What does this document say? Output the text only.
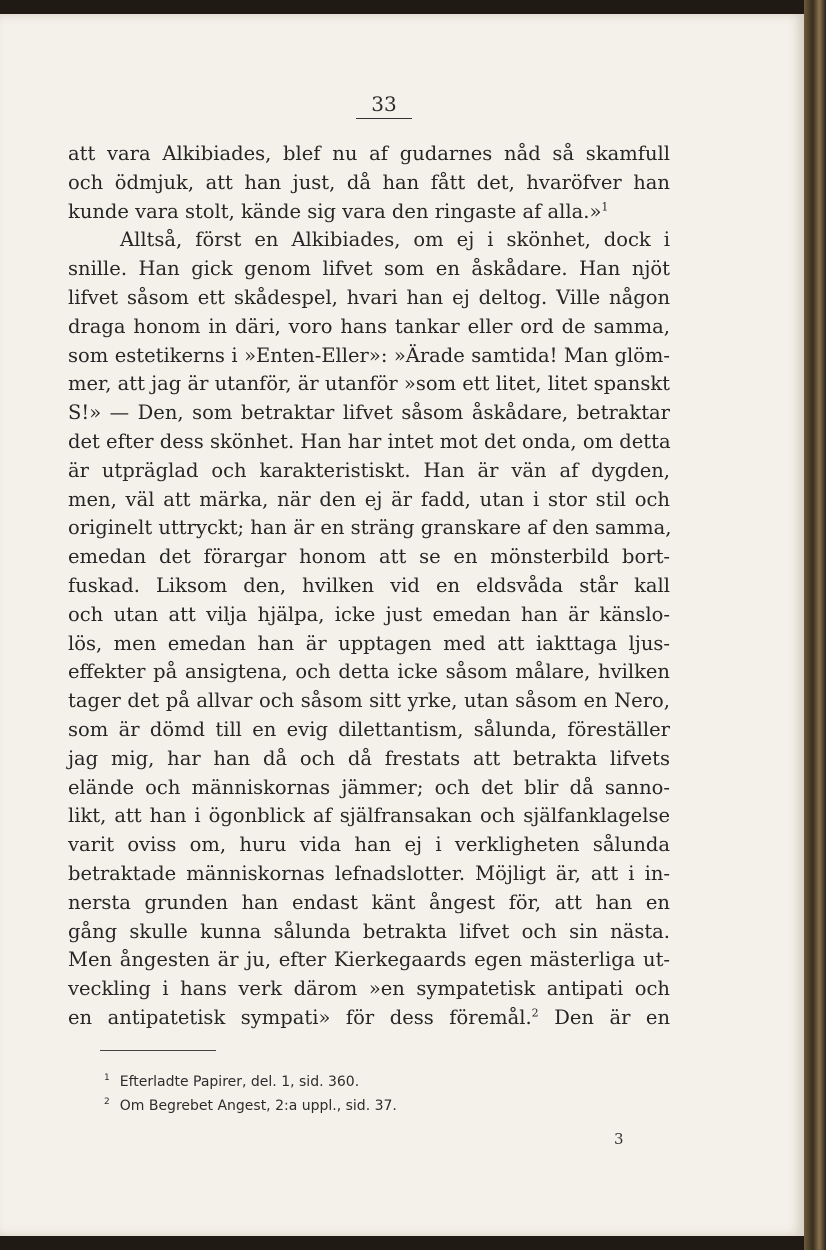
33
att vara Alkibiades, blef nu af gudarnes nåd så skamfull
och ödmjuk, att han just, då han fått det, hvaröfver han
kunde vara stolt, kände sig vara den ringaste af alla.»$^1$
Alltså, först en Alkibiades, om ej i skönhet, dock i
snille. Han gick genom lifvet som en åskådare. Han njöt
lifvet såsom ett skådespel, hvari han ej deltog. Ville någon
draga honom in däri, voro hans tankar eller ord de samma,
som estetikerns i »Enten-Eller»: »Ärade samtida! Man glöm-
mer, att jag är utanför, är utanför »som ett litet, litet spanskt
S!» — Den, som betraktar lifvet såsom åskådare, betraktar
det efter dess skönhet. Han har intet mot det onda, om detta
är utpräglad och karakteristiskt. Han är vän af dygden,
men, väl att märka, när den ej är fadd, utan i stor stil och
originelt uttryckt; han är en sträng granskare af den samma,
emedan det förargar honom att se en mönsterbild bort-
fuskad. Liksom den, hvilken vid en eldsvåda står kall
och utan att vilja hjälpa, icke just emedan han är känslo-
lös, men emedan han är upptagen med att iakttaga ljus-
effekter på ansigtena, och detta icke såsom målare, hvilken
tager det på allvar och såsom sitt yrke, utan såsom en Nero,
som är dömd till en evig dilettantism, sålunda, föreställer
jag mig, har han då och då frestats att betrakta lifvets
elände och människornas jämmer; och det blir då sanno-
likt, att han i ögonblick af själfransakan och själfanklagelse
varit oviss om, huru vida han ej i verkligheten sålunda
betraktade människornas lefnadslotter. Möjligt är, att i in-
nersta grunden han endast känt ångest för, att han en
gång skulle kunna sålunda betrakta lifvet och sin nästa.
Men ångesten är ju, efter Kierkegaards egen mästerliga ut-
veckling i hans verk därom »en sympatetisk antipati och
en antipatetisk sympati» för dess föremål.$^2$ Den är en
$^1$ Efterladte Papirer, del. 1, sid. 360.
$^2$ Om Begrebet Angest, 2:a uppl., sid. 37.
3
